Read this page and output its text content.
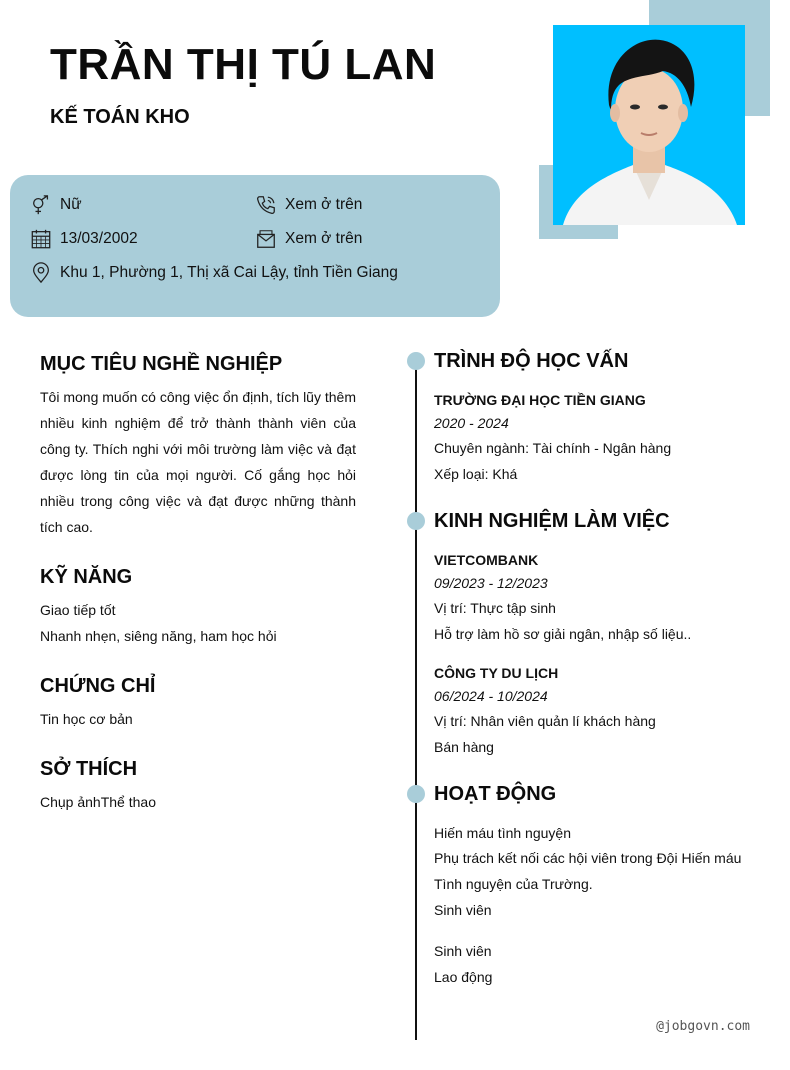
TRẦN THỊ TÚ LAN
KẾ TOÁN KHO
Nữ
13/03/2002
Khu 1, Phường 1, Thị xã Cai Lậy, tỉnh Tiền Giang
Xem ở trên
Xem ở trên
MỤC TIÊU NGHỀ NGHIỆP
Tôi mong muốn có công việc ổn định, tích lũy thêm nhiều kinh nghiệm để trở thành thành viên của công ty. Thích nghi với môi trường làm việc và đạt được lòng tin của mọi người. Cố gắng học hỏi nhiều trong công việc và đạt được những thành tích cao.
KỸ NĂNG
Giao tiếp tốt
Nhanh nhẹn, siêng năng, ham học hỏi
CHỨNG CHỈ
Tin học cơ bản
SỞ THÍCH
Chụp ảnhThể thao
TRÌNH ĐỘ HỌC VẤN
TRƯỜNG ĐẠI HỌC TIỀN GIANG
2020 - 2024
Chuyên ngành: Tài chính - Ngân hàng
Xếp loại: Khá
KINH NGHIỆM LÀM VIỆC
VIETCOMBANK
09/2023 - 12/2023
Vị trí: Thực tập sinh
Hỗ trợ làm hồ sơ giải ngân, nhập số liệu..
CÔNG TY DU LỊCH
06/2024 - 10/2024
Vị trí: Nhân viên quản lí khách hàng
Bán hàng
HOẠT ĐỘNG
Hiến máu tình nguyện
Phụ trách kết nối các hội viên trong Đội Hiến máu
Tình nguyện của Trường.
Sinh viên
Sinh viên
Lao động
@jobgovn.com
